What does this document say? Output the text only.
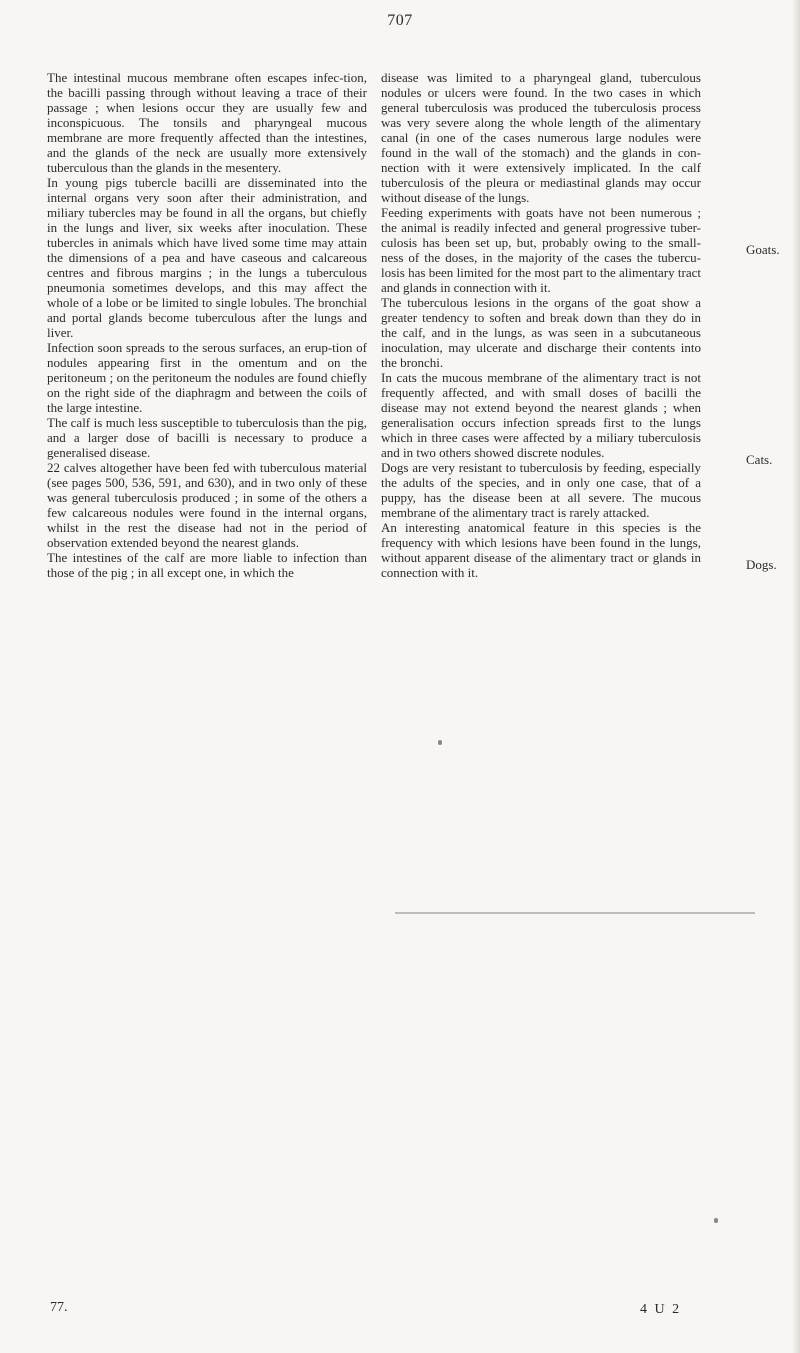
707

The intestinal mucous membrane often escapes infec-tion, the bacilli passing through without leaving a trace of their passage ; when lesions occur they are usually few and inconspicuous. The tonsils and pharyngeal mucous membrane are more frequently affected than the intestines, and the glands of the neck are usually more extensively tuberculous than the glands in the mesentery.

In young pigs tubercle bacilli are disseminated into the internal organs very soon after their administration, and miliary tubercles may be found in all the organs, but chiefly in the lungs and liver, six weeks after inoculation. These tubercles in animals which have lived some time may attain the dimensions of a pea and have caseous and calcareous centres and fibrous margins ; in the lungs a tuberculous pneumonia sometimes develops, and this may affect the whole of a lobe or be limited to single lobules. The bronchial and portal glands become tuberculous after the lungs and liver.

Infection soon spreads to the serous surfaces, an erup-tion of nodules appearing first in the omentum and on the peritoneum ; on the peritoneum the nodules are found chiefly on the right side of the diaphragm and between the coils of the large intestine.

The calf is much less susceptible to tuberculosis than the pig, and a larger dose of bacilli is necessary to produce a generalised disease.

22 calves altogether have been fed with tuberculous material (see pages 500, 536, 591, and 630), and in two only of these was general tuberculosis produced ; in some of the others a few calcareous nodules were found in the internal organs, whilst in the rest the disease had not in the period of observation extended beyond the nearest glands.

The intestines of the calf are more liable to infection than those of the pig ; in all except one, in which the

disease was limited to a pharyngeal gland, tuberculous nodules or ulcers were found. In the two cases in which general tuberculosis was produced the tuberculosis process was very severe along the whole length of the alimentary canal (in one of the cases numerous large nodules were found in the wall of the stomach) and the glands in con-nection with it were extensively implicated. In the calf tuberculosis of the pleura or mediastinal glands may occur without disease of the lungs.

Feeding experiments with goats have not been numerous ; the animal is readily infected and general progressive tuber-culosis has been set up, but, probably owing to the small-ness of the doses, in the majority of the cases the tubercu-losis has been limited for the most part to the alimentary tract and glands in connection with it.

The tuberculous lesions in the organs of the goat show a greater tendency to soften and break down than they do in the calf, and in the lungs, as was seen in a subcutaneous inoculation, may ulcerate and discharge their contents into the bronchi.

In cats the mucous membrane of the alimentary tract is not frequently affected, and with small doses of bacilli the disease may not extend beyond the nearest glands ; when generalisation occurs infection spreads first to the lungs which in three cases were affected by a miliary tuberculosis and in two others showed discrete nodules.

Dogs are very resistant to tuberculosis by feeding, especially the adults of the species, and in only one case, that of a puppy, has the disease been at all severe. The mucous membrane of the alimentary tract is rarely attacked.

An interesting anatomical feature in this species is the frequency with which lesions have been found in the lungs, without apparent disease of the alimentary tract or glands in connection with it.

Goats.
Cats.
Dogs.
77.	4 U 2
